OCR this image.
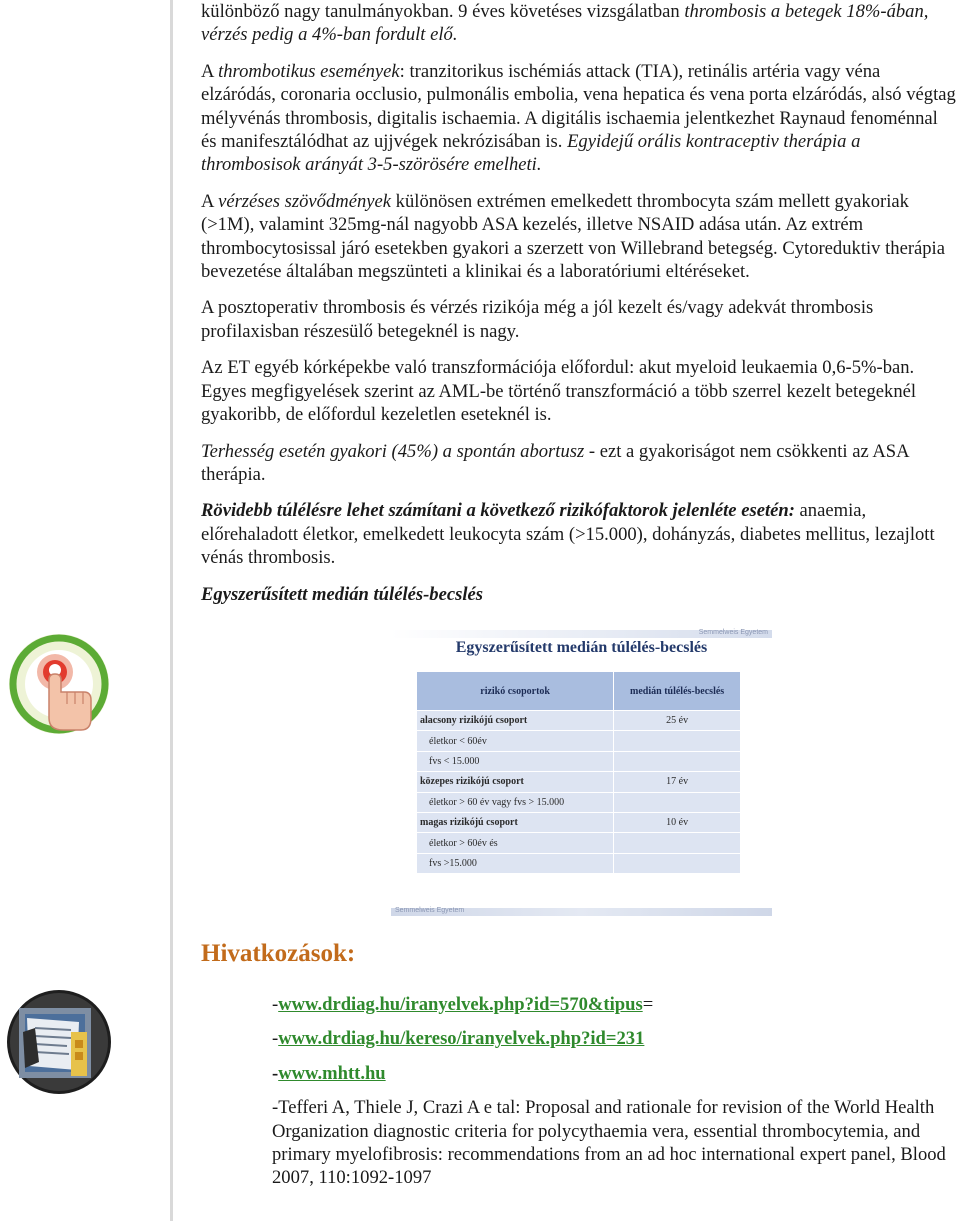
különböző nagy tanulmányokban. 9 éves követéses vizsgálatban thrombosis a betegek 18%-ában, vérzés pedig a 4%-ban fordult elő.

A thrombotikus események: tranzitorikus ischémiás attack (TIA), retinális artéria vagy véna elzáródás, coronaria occlusio, pulmonális embolia, vena hepatica és vena porta elzáródás, alsó végtag mélyvénás thrombosis, digitalis ischaemia. A digitális ischaemia jelentkezhet Raynaud fenoménnal és manifesztálódhat az ujjvégek nekrózisában is. Egyidejű orális kontraceptiv therápia a thrombosisok arányát 3-5-szörösére emelheti.

A vérzéses szövődmények különösen extrémen emelkedett thrombocyta szám mellett gyakoriak (>1M), valamint 325mg-nál nagyobb ASA kezelés, illetve NSAID adása után. Az extrém thrombocytosissal járó esetekben gyakori a szerzett von Willebrand betegség. Cytoreduktiv therápia bevezetése általában megszünteti a klinikai és a laboratóriumi eltéréseket.

A posztoperativ thrombosis és vérzés rizikója még a jól kezelt és/vagy adekvát thrombosis profilaxisban részesülő betegeknél is nagy.

Az ET egyéb kórképekbe való transzformációja előfordul: akut myeloid leukaemia 0,6-5%-ban. Egyes megfigyelések szerint az AML-be történő transzformáció a több szerrel kezelt betegeknél gyakoribb, de előfordul kezeletlen eseteknél is.

Terhesség esetén gyakori (45%) a spontán abortusz - ezt a gyakoriságot nem csökkenti az ASA therápia.

Rövidebb túlélésre lehet számítani a következő rizikófaktorok jelenléte esetén: anaemia, előrehaladott életkor, emelkedett leukocyta szám (>15.000), dohányzás, diabetes mellitus, lezajlott vénás thrombosis.

Egyszerűsített medián túlélés-becslés

Semmelweis Egyetem
Egyszerűsített medián túlélés-becslés
rizikó csoportok	medián túlélés-becslés
alacsony rizikójú csoport	25 év
életkor < 60év	
fvs < 15.000	
közepes rizikójú csoport	17 év
életkor > 60 év vagy fvs > 15.000	
magas rizikójú csoport	10 év
életkor > 60év és	
fvs >15.000	
Semmelweis Egyetem
Hivatkozások:

-www.drdiag.hu/iranyelvek.php?id=570&tipus=

-www.drdiag.hu/kereso/iranyelvek.php?id=231

-www.mhtt.hu

-Tefferi A, Thiele J, Crazi A e tal: Proposal and rationale for revision of the World Health Organization diagnostic criteria for polycythaemia vera, essential thrombocytemia, and primary myelofibrosis: recommendations from an ad hoc international expert panel, Blood 2007, 110:1092-1097
